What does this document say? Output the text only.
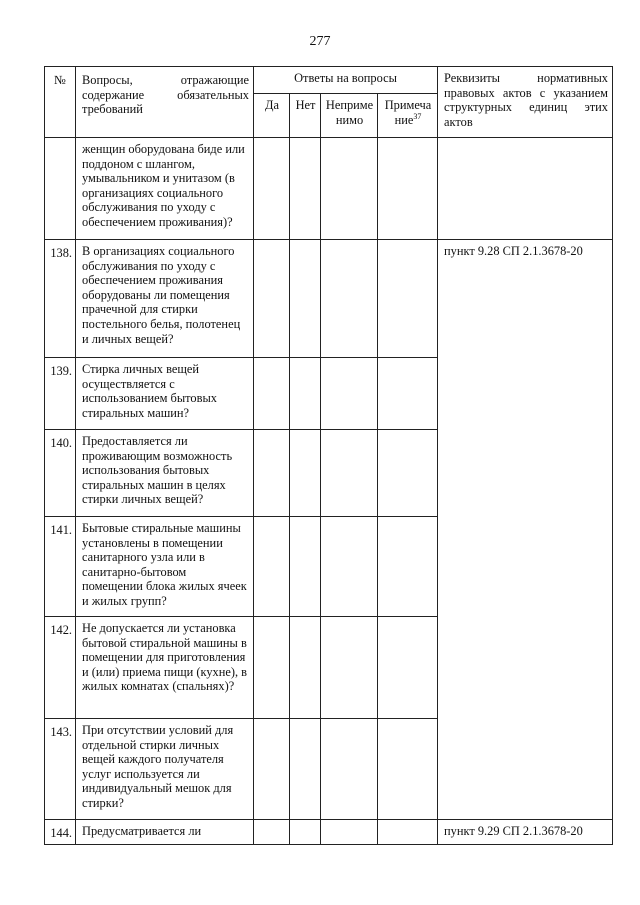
277
№	Вопросы, отражающие содержание обязательных требований	Ответы на вопросы				Реквизиты нормативных правовых актов с указанием структурных единиц этих актов
		Да	Нет	Неприме нимо	Примеча ние$^{37}$
	женщин оборудована биде или поддоном с шлангом, умывальником и унитазом (в организациях социального обслуживания по уходу с обеспечением проживания)?					
138.	В организациях социального обслуживания по уходу с обеспечением проживания оборудованы ли помещения прачечной для стирки постельного белья, полотенец и личных вещей?					пункт 9.28 СП 2.1.3678-20
139.	Стирка личных вещей осуществляется с использованием бытовых стиральных машин?					
140.	Предоставляется ли проживающим возможность использования бытовых стиральных машин в целях стирки личных вещей?					
141.	Бытовые стиральные машины установлены в помещении санитарного узла или в санитарно-бытовом помещении блока жилых ячеек и жилых групп?					
142.	Не допускается ли установка бытовой стиральной машины в помещении для приготовления и (или) приема пищи (кухне), в жилых комнатах (спальнях)?					
143.	При отсутствии условий для отдельной стирки личных вещей каждого получателя услуг используется ли индивидуальный мешок для стирки?					
144.	Предусматривается ли					пункт 9.29 СП 2.1.3678-20
